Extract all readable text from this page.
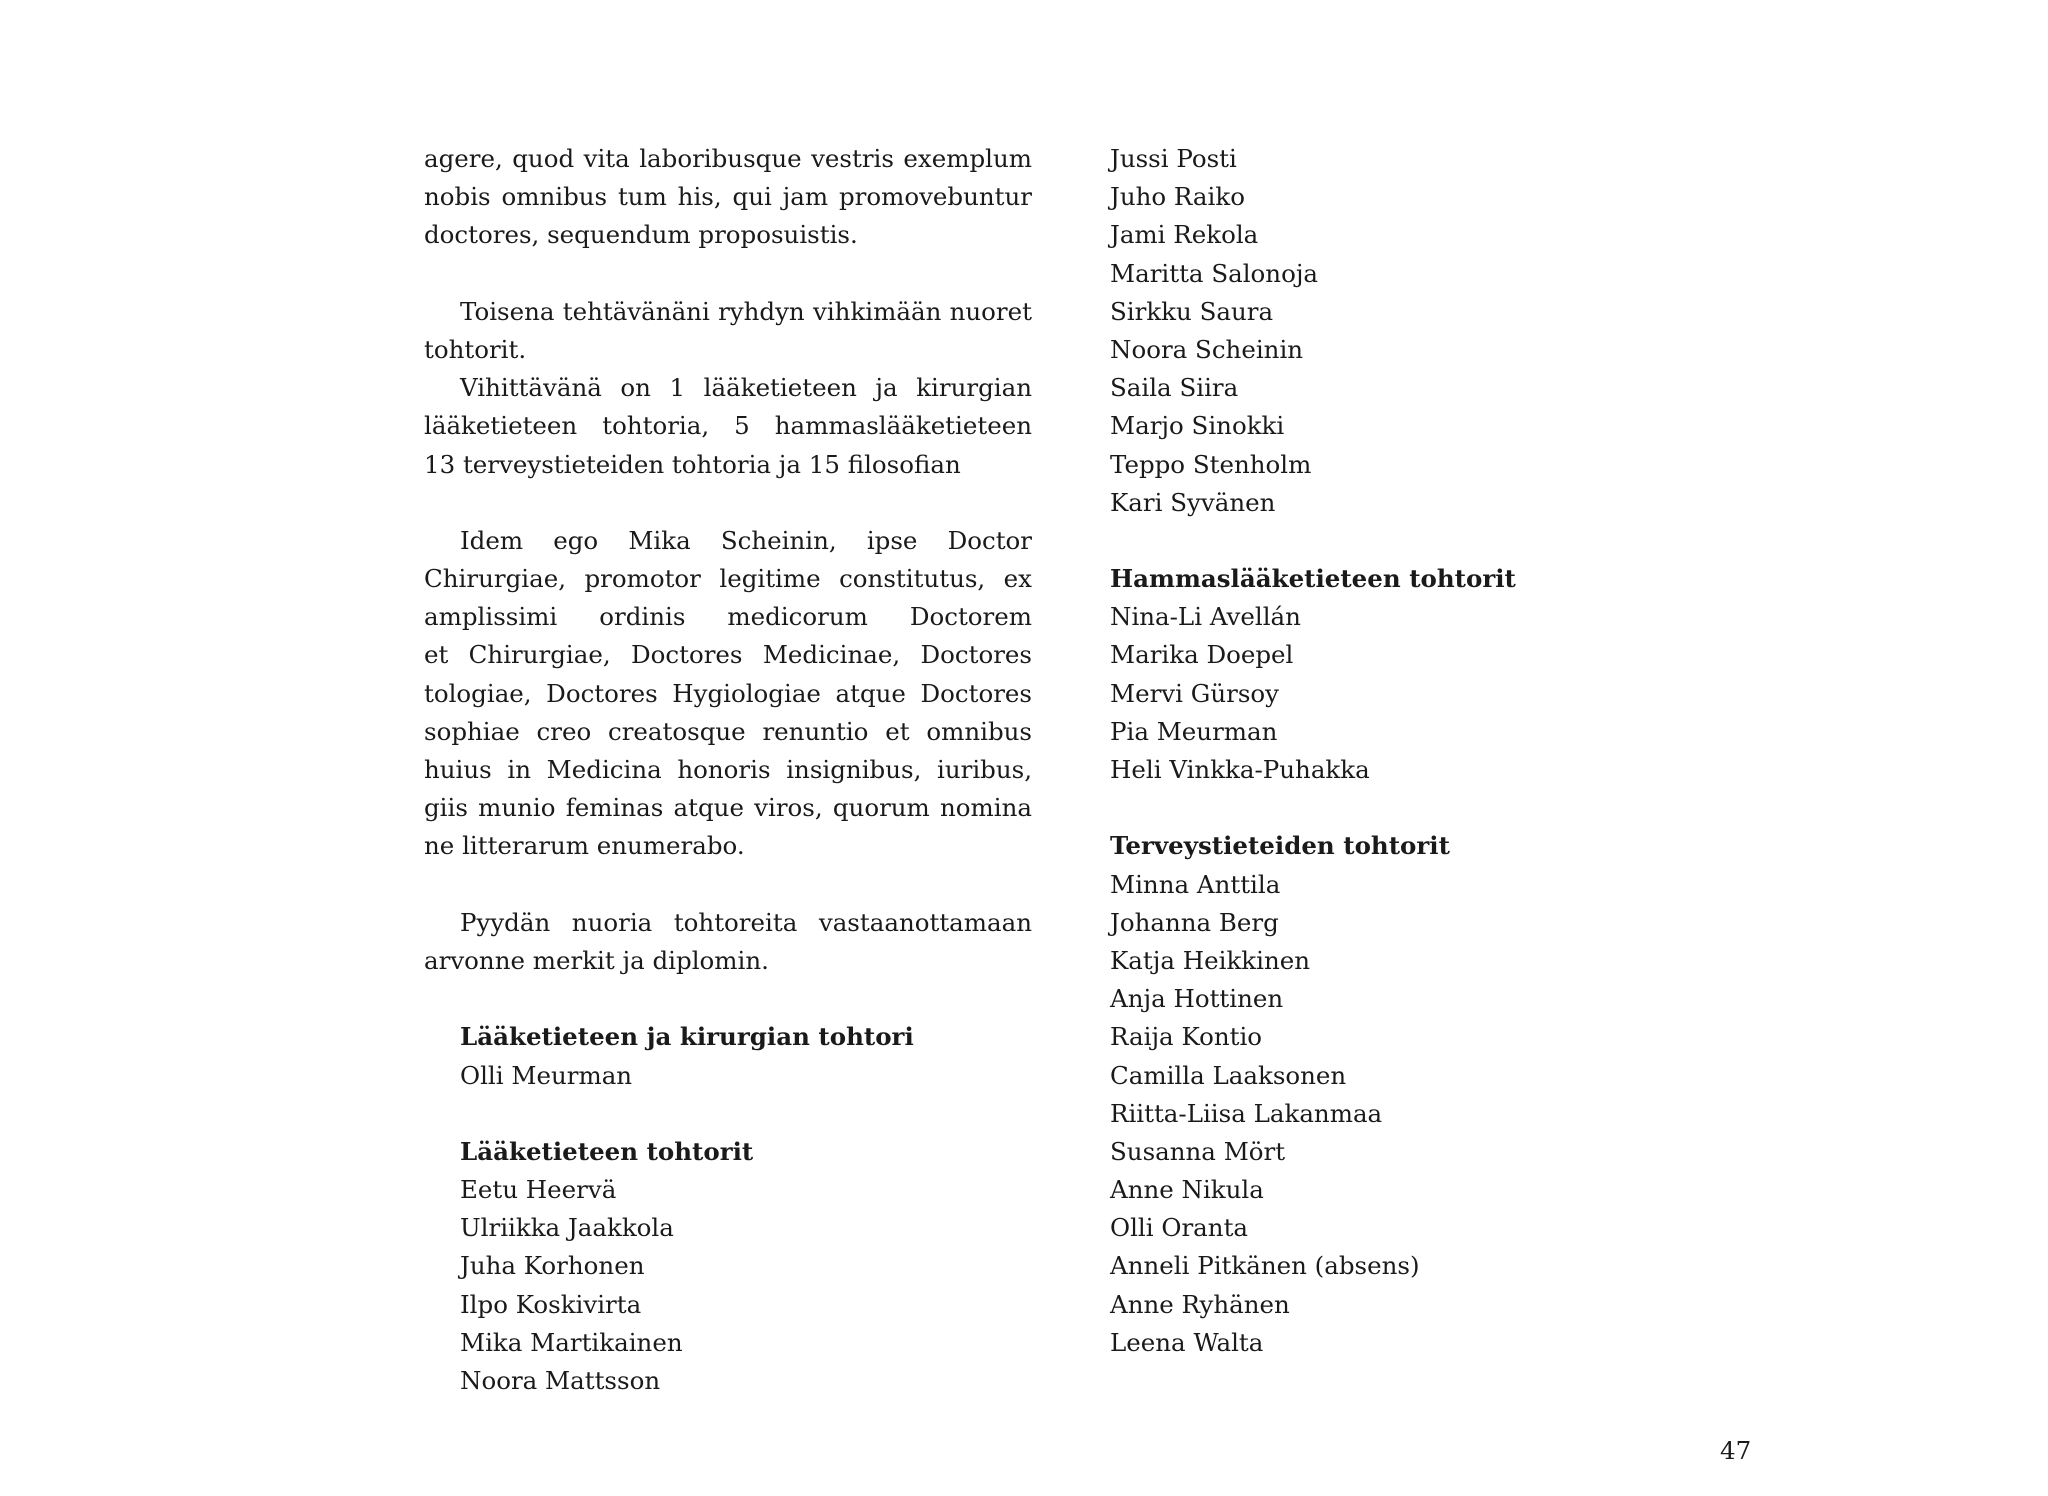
agere, quod vita laboribusque vestris exemplum
nobis omnibus tum his, qui jam promovebuntur
doctores, sequendum proposuistis.
Toisena tehtävänäni ryhdyn vihkimään nuoret
tohtorit.
Vihittävänä on 1 lääketieteen ja kirurgian
lääketieteen tohtoria, 5 hammaslääketieteen
13 terveystieteiden tohtoria ja 15 filosofian
Idem ego Mika Scheinin, ipse Doctor
Chirurgiae, promotor legitime constitutus, ex
amplissimi ordinis medicorum Doctorem
et Chirurgiae, Doctores Medicinae, Doctores
tologiae, Doctores Hygiologiae atque Doctores
sophiae creo creatosque renuntio et omnibus
huius in Medicina honoris insignibus, iuribus,
giis munio feminas atque viros, quorum nomina
ne litterarum enumerabo.
Pyydän nuoria tohtoreita vastaanottamaan
arvonne merkit ja diplomin.
Lääketieteen ja kirurgian tohtori
Olli Meurman
Lääketieteen tohtorit
Eetu Heervä
Ulriikka Jaakkola
Juha Korhonen
Ilpo Koskivirta
Mika Martikainen
Noora Mattsson
Jussi Posti
Juho Raiko
Jami Rekola
Maritta Salonoja
Sirkku Saura
Noora Scheinin
Saila Siira
Marjo Sinokki
Teppo Stenholm
Kari Syvänen
Hammaslääketieteen tohtorit
Nina-Li Avellán
Marika Doepel
Mervi Gürsoy
Pia Meurman
Heli Vinkka-Puhakka
Terveystieteiden tohtorit
Minna Anttila
Johanna Berg
Katja Heikkinen
Anja Hottinen
Raija Kontio
Camilla Laaksonen
Riitta-Liisa Lakanmaa
Susanna Mört
Anne Nikula
Olli Oranta
Anneli Pitkänen (absens)
Anne Ryhänen
Leena Walta
47
